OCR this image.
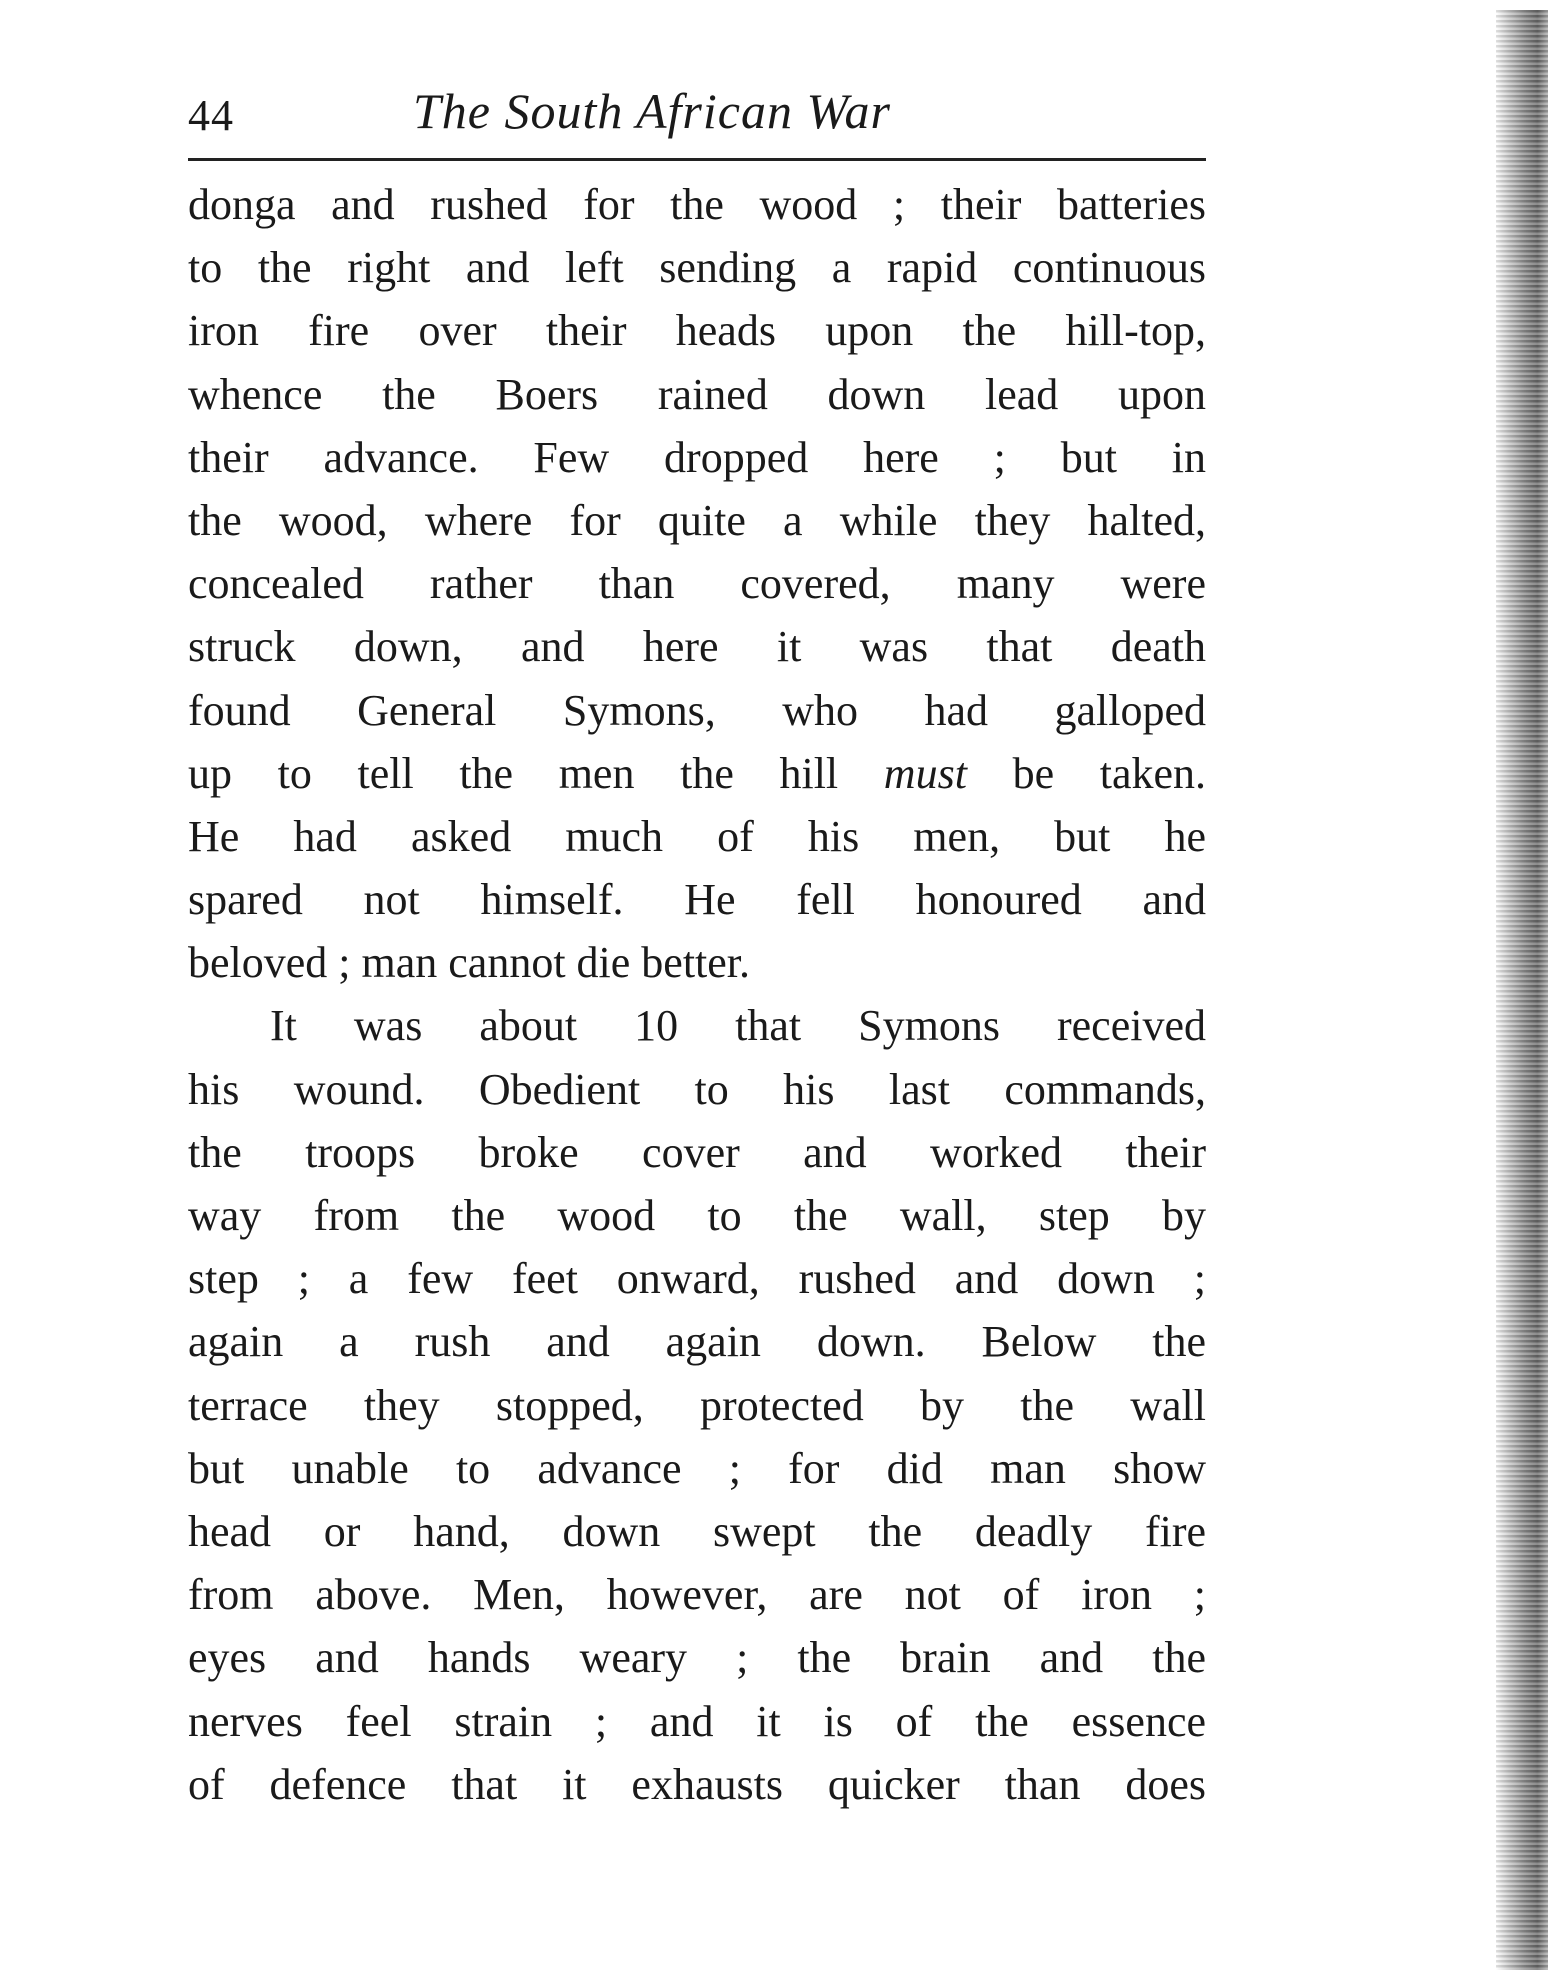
44	The South African War
donga and rushed for the wood ; their batteries
to the right and left sending a rapid continuous
iron fire over their heads upon the hill-top,
whence the Boers rained down lead upon
their advance. Few dropped here ; but in
the wood, where for quite a while they halted,
concealed rather than covered, many were
struck down, and here it was that death
found General Symons, who had galloped
up to tell the men the hill must be taken.
He had asked much of his men, but he
spared not himself. He fell honoured and
beloved ; man cannot die better.
It was about 10 that Symons received
his wound. Obedient to his last commands,
the troops broke cover and worked their
way from the wood to the wall, step by
step ; a few feet onward, rushed and down ;
again a rush and again down. Below the
terrace they stopped, protected by the wall
but unable to advance ; for did man show
head or hand, down swept the deadly fire
from above. Men, however, are not of iron ;
eyes and hands weary ; the brain and the
nerves feel strain ; and it is of the essence
of defence that it exhausts quicker than does
